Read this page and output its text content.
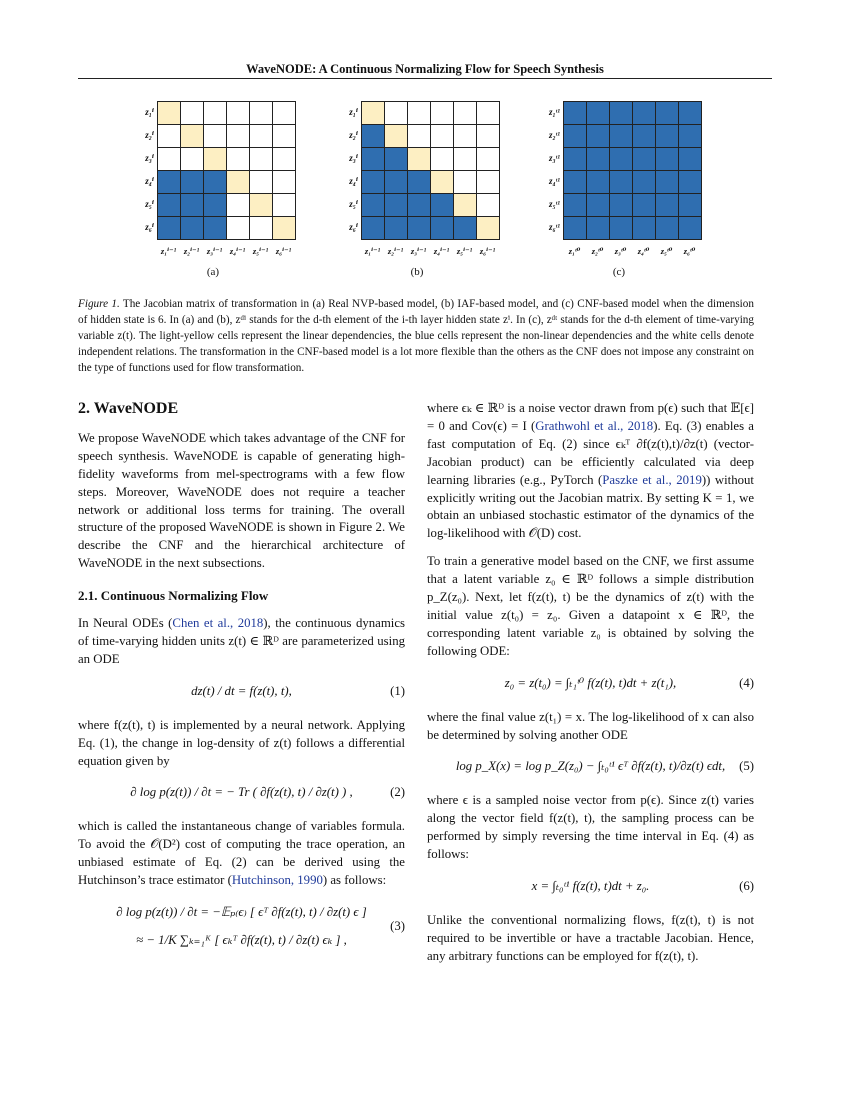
WaveNODE: A Continuous Normalizing Flow for Speech Synthesis
z₁ⁱ
z₂ⁱ
z₃ⁱ
z₄ⁱ
z₅ⁱ
z₆ⁱ
z₁ⁱ⁻¹ z₂ⁱ⁻¹ z₃ⁱ⁻¹ z₄ⁱ⁻¹ z₅ⁱ⁻¹ z₆ⁱ⁻¹
(a)
z₁ⁱ
z₂ⁱ
z₃ⁱ
z₄ⁱ
z₅ⁱ
z₆ⁱ
z₁ⁱ⁻¹ z₂ⁱ⁻¹ z₃ⁱ⁻¹ z₄ⁱ⁻¹ z₅ⁱ⁻¹ z₆ⁱ⁻¹
(b)
z₁ᵗ¹
z₂ᵗ¹
z₃ᵗ¹
z₄ᵗ¹
z₅ᵗ¹
z₆ᵗ¹
z₁ᵗ⁰	z₂ᵗ⁰	z₃ᵗ⁰	z₄ᵗ⁰	z₅ᵗ⁰	z₆ᵗ⁰
(c)
Figure 1. The Jacobian matrix of transformation in (a) Real NVP-based model, (b) IAF-based model, and (c) CNF-based model when the dimension of hidden state is 6. In (a) and (b), zᵈⁱ stands for the d-th element of the i-th layer hidden state zⁱ. In (c), zᵈᵗ stands for the d-th element of time-varying variable z(t). The light-yellow cells represent the linear dependencies, the blue cells represent the non-linear dependencies and the white cells denote independent relations. The transformation in the CNF-based model is a lot more flexible than the others as the CNF does not impose any constraint on the type of functions used for flow transformation.
2. WaveNODE

We propose WaveNODE which takes advantage of the CNF for speech synthesis. WaveNODE is capable of generating high-fidelity waveforms from mel-spectrograms with a few flow steps. Moreover, WaveNODE does not require a teacher network or additional loss terms for training. The overall structure of the proposed WaveNODE is shown in Figure 2. We describe the CNF and the hierarchical architecture of WaveNODE in the next subsections.

2.1. Continuous Normalizing Flow

In Neural ODEs (Chen et al., 2018), the continuous dynamics of time-varying hidden units z(t) ∈ ℝᴰ are parameterized using an ODE

dz(t) / dt = f(z(t), t),	(1)

where f(z(t), t) is implemented by a neural network. Applying Eq. (1), the change in log-density of z(t) follows a differential equation given by

∂ log p(z(t)) / ∂t = − Tr ( ∂f(z(t), t) / ∂z(t) ) ,	(2)

which is called the instantaneous change of variables formula. To avoid the 𝒪(D²) cost of computing the trace operation, an unbiased estimate of Eq. (2) can be derived using the Hutchinson’s trace estimator (Hutchinson, 1990) as follows:

∂ log p(z(t)) / ∂t = −𝔼ₚ₍ϵ₎ [ ϵᵀ ∂f(z(t), t) / ∂z(t) ϵ ]
≈ − 1/K ∑ₖ₌₁ᴷ [ ϵₖᵀ ∂f(z(t), t) / ∂z(t) ϵₖ ] ,
(3)

where ϵₖ ∈ ℝᴰ is a noise vector drawn from p(ϵ) such that 𝔼[ϵ] = 0 and Cov(ϵ) = I (Grathwohl et al., 2018). Eq. (3) enables a fast computation of Eq. (2) since ϵₖᵀ ∂f(z(t),t)/∂z(t) (vector-Jacobian product) can be efficiently calculated via deep learning libraries (e.g., PyTorch (Paszke et al., 2019)) without explicitly writing out the Jacobian matrix. By setting K = 1, we obtain an unbiased stochastic estimator of the dynamics of the log-likelihood with 𝒪(D) cost.

To train a generative model based on the CNF, we first assume that a latent variable z₀ ∈ ℝᴰ follows a simple distribution p_Z(z₀). Next, let f(z(t), t) be the dynamics of z(t) with the initial value z(t₀) = z₀. Given a datapoint x ∈ ℝᴰ, the corresponding latent variable z₀ is obtained by solving the following ODE:

z₀ = z(t₀) = ∫ₜ₁ᵗ⁰ f(z(t), t)dt + z(t₁),	(4)

where the final value z(t₁) = x. The log-likelihood of x can also be determined by solving another ODE

log p_X(x) = log p_Z(z₀) − ∫ₜ₀ᵗ¹ ϵᵀ ∂f(z(t), t)/∂z(t) ϵdt, (5)

where ϵ is a sampled noise vector from p(ϵ). Since z(t) varies along the vector field f(z(t), t), the sampling process can be performed by simply reversing the time interval in Eq. (4) as follows:

x = ∫ₜ₀ᵗ¹ f(z(t), t)dt + z₀.	(6)

Unlike the conventional normalizing flows, f(z(t), t) is not required to be invertible or have a tractable Jacobian. Hence, any arbitrary functions can be employed for f(z(t), t).
